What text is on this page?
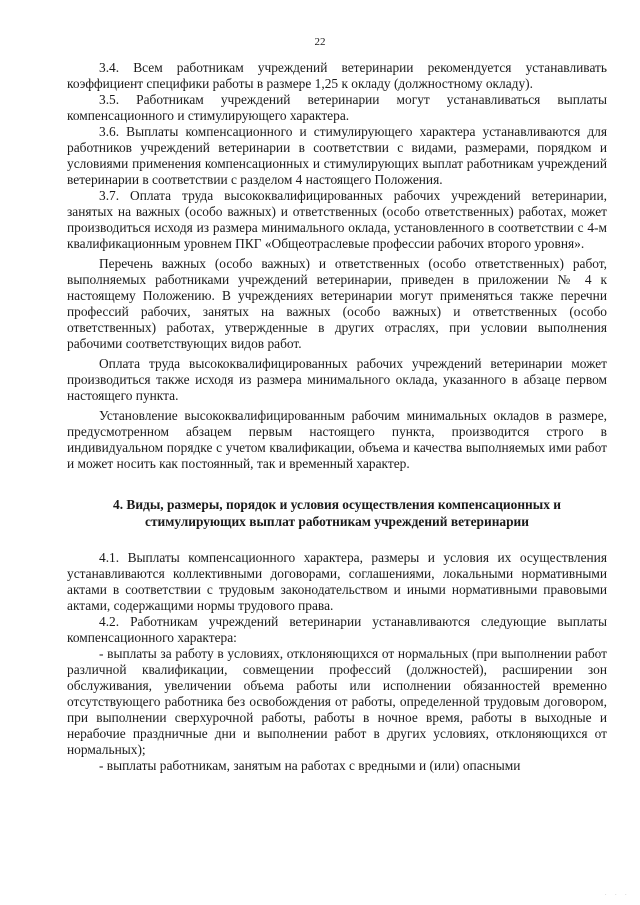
22

3.4. Всем работникам учреждений ветеринарии рекомендуется устанавливать коэффициент специфики работы в размере 1,25 к окладу (должностному окладу).

3.5. Работникам учреждений ветеринарии могут устанавливаться выплаты компенсационного и стимулирующего характера.

3.6. Выплаты компенсационного и стимулирующего характера устанавливаются для работников учреждений ветеринарии в соответствии с видами, размерами, порядком и условиями применения компенсационных и стимулирующих выплат работникам учреждений ветеринарии в соответствии с разделом 4 настоящего Положения.

3.7. Оплата труда высококвалифицированных рабочих учреждений ветеринарии, занятых на важных (особо важных) и ответственных (особо ответственных) работах, может производиться исходя из размера минимального оклада, установленного в соответствии с 4-м квалификационным уровнем ПКГ «Общеотраслевые профессии рабочих второго уровня».

Перечень важных (особо важных) и ответственных (особо ответственных) работ, выполняемых работниками учреждений ветеринарии, приведен в приложении № 4 к настоящему Положению. В учреждениях ветеринарии могут применяться также перечни профессий рабочих, занятых на важных (особо важных) и ответственных (особо ответственных) работах, утвержденные в других отраслях, при условии выполнения рабочими соответствующих видов работ.

Оплата труда высококвалифицированных рабочих учреждений ветеринарии может производиться также исходя из размера минимального оклада, указанного в абзаце первом настоящего пункта.

Установление высококвалифицированным рабочим минимальных окладов в размере, предусмотренном абзацем первым настоящего пункта, производится строго в индивидуальном порядке с учетом квалификации, объема и качества выполняемых ими работ и может носить как постоянный, так и временный характер.

4. Виды, размеры, порядок и условия осуществления компенсационных и стимулирующих выплат работникам учреждений ветеринарии

4.1. Выплаты компенсационного характера, размеры и условия их осуществления устанавливаются коллективными договорами, соглашениями, локальными нормативными актами в соответствии с трудовым законодательством и иными нормативными правовыми актами, содержащими нормы трудового права.

4.2. Работникам учреждений ветеринарии устанавливаются следующие выплаты компенсационного характера:

- выплаты за работу в условиях, отклоняющихся от нормальных (при выполнении работ различной квалификации, совмещении профессий (должностей), расширении зон обслуживания, увеличении объема работы или исполнении обязанностей временно отсутствующего работника без освобождения от работы, определенной трудовым договором, при выполнении сверхурочной работы, работы в ночное время, работы в выходные и нерабочие праздничные дни и выполнении работ в других условиях, отклоняющихся от нормальных);

- выплаты работникам, занятым на работах с вредными и (или) опасными

· · ·
